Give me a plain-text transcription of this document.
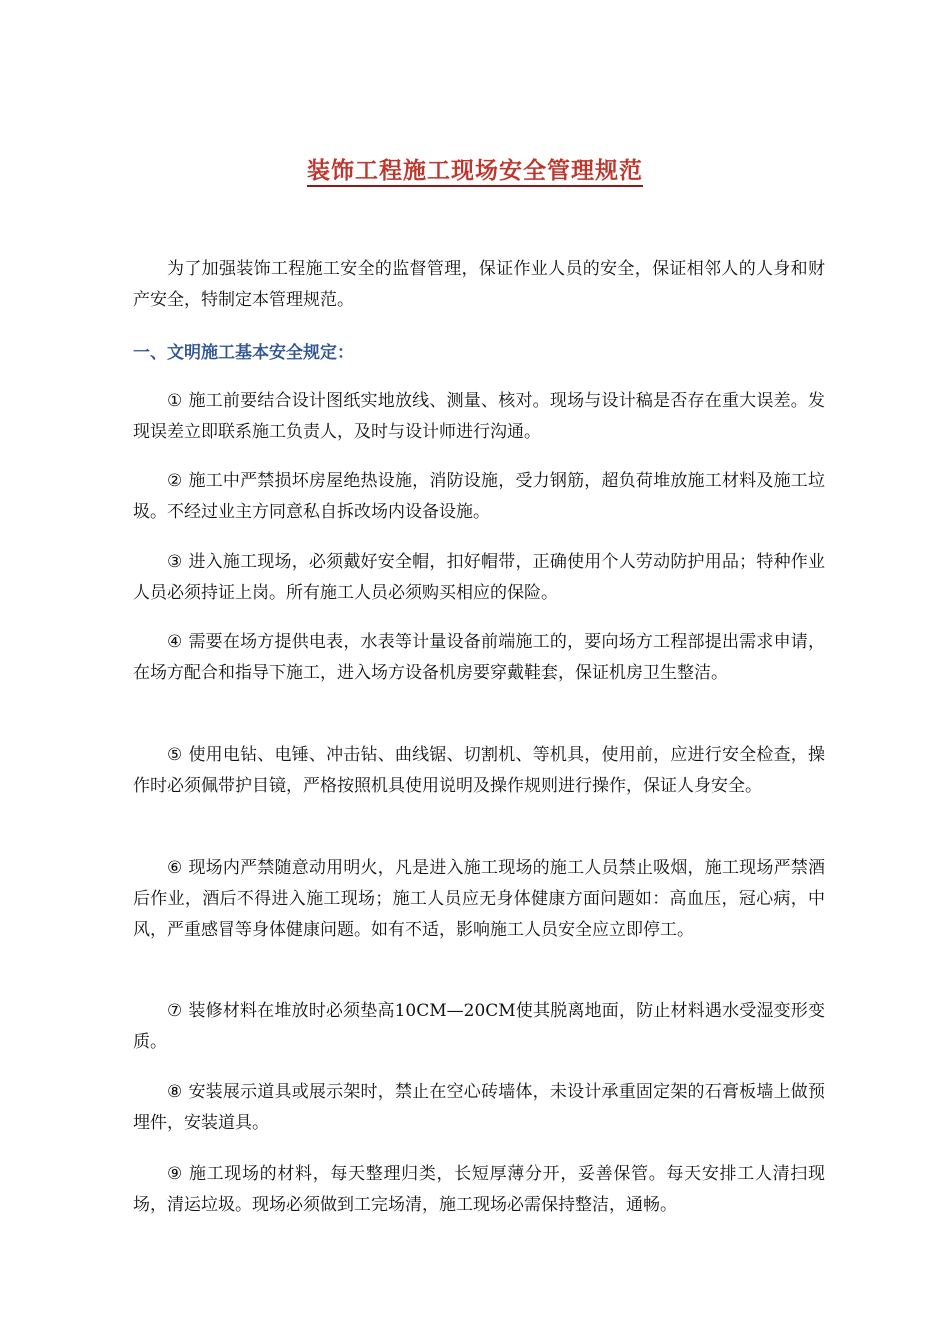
装饰工程施工现场安全管理规范

为了加强装饰工程施工安全的监督管理，保证作业人员的安全，保证相邻人的人身和财产安全，特制定本管理规范。

一、文明施工基本安全规定：

① 施工前要结合设计图纸实地放线、测量、核对。现场与设计稿是否存在重大误差。发现误差立即联系施工负责人，及时与设计师进行沟通。

② 施工中严禁损坏房屋绝热设施，消防设施，受力钢筋，超负荷堆放施工材料及施工垃圾。不经过业主方同意私自拆改场内设备设施。

③ 进入施工现场，必须戴好安全帽，扣好帽带，正确使用个人劳动防护用品；特种作业人员必须持证上岗。所有施工人员必须购买相应的保险。

④ 需要在场方提供电表，水表等计量设备前端施工的，要向场方工程部提出需求申请，在场方配合和指导下施工，进入场方设备机房要穿戴鞋套，保证机房卫生整洁。

⑤ 使用电钻、电锤、冲击钻、曲线锯、切割机、等机具，使用前，应进行安全检查，操作时必须佩带护目镜，严格按照机具使用说明及操作规则进行操作，保证人身安全。

⑥ 现场内严禁随意动用明火，凡是进入施工现场的施工人员禁止吸烟，施工现场严禁酒后作业，酒后不得进入施工现场；施工人员应无身体健康方面问题如：高血压，冠心病，中风，严重感冒等身体健康问题。如有不适，影响施工人员安全应立即停工。

⑦ 装修材料在堆放时必须垫高10CM—20CM使其脱离地面，防止材料遇水受湿变形变质。

⑧ 安装展示道具或展示架时，禁止在空心砖墙体，未设计承重固定架的石膏板墙上做预埋件，安装道具。

⑨ 施工现场的材料，每天整理归类，长短厚薄分开，妥善保管。每天安排工人清扫现场，清运垃圾。现场必须做到工完场清，施工现场必需保持整洁，通畅。
